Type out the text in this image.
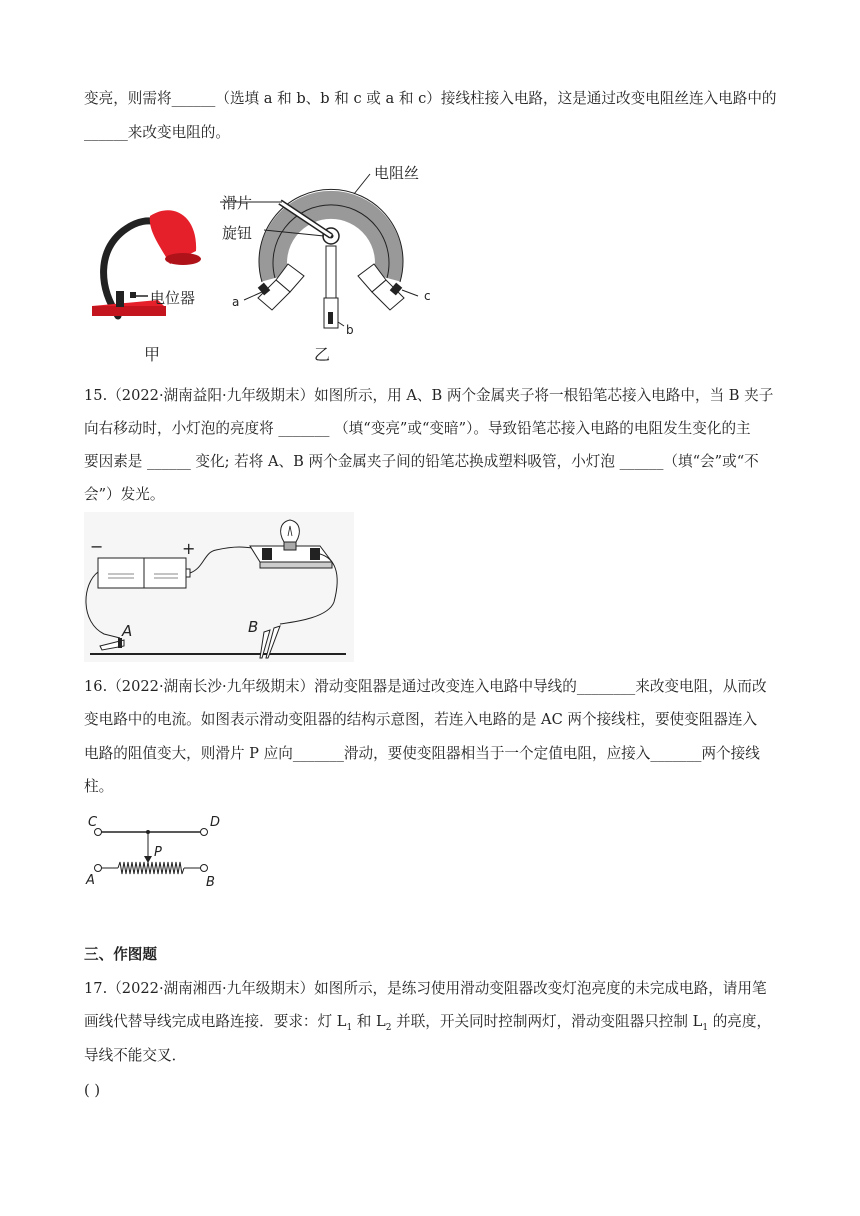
变亮，则需将______（选填 a 和 b、b 和 c 或 a 和 c）接线柱接入电路，这是通过改变电阻丝连入电路中的
______来改变电阻的。
电位器
甲
电阻丝
滑片
旋钮
a
b
c
乙
15.（2022·湖南益阳·九年级期末）如图所示，用 A、B 两个金属夹子将一根铅笔芯接入电路中，当 B 夹子
向右移动时，小灯泡的亮度将 _______ （填“变亮”或“变暗”）。导致铅笔芯接入电路的电阻发生变化的主
要因素是 ______ 变化; 若将 A、B 两个金属夹子间的铅笔芯换成塑料吸管，小灯泡 ______（填“会”或“不
会”）发光。
−	+
A	B
16.（2022·湖南长沙·九年级期末）滑动变阻器是通过改变连入电路中导线的________来改变电阻，从而改
变电路中的电流。如图表示滑动变阻器的结构示意图，若连入电路的是 AC 两个接线柱，要使变阻器连入
电路的阻值变大，则滑片 P 应向_______滑动，要使变阻器相当于一个定值电阻，应接入_______两个接线
柱。
C	D
A	B
P
三、作图题
17.（2022·湖南湘西·九年级期末）如图所示，是练习使用滑动变阻器改变灯泡亮度的未完成电路，请用笔
画线代替导线完成电路连接．要求：灯 $L_1$ 和 $L_2$ 并联，开关同时控制两灯，滑动变阻器只控制 $L_1$ 的亮度，
导线不能交叉．
( )
